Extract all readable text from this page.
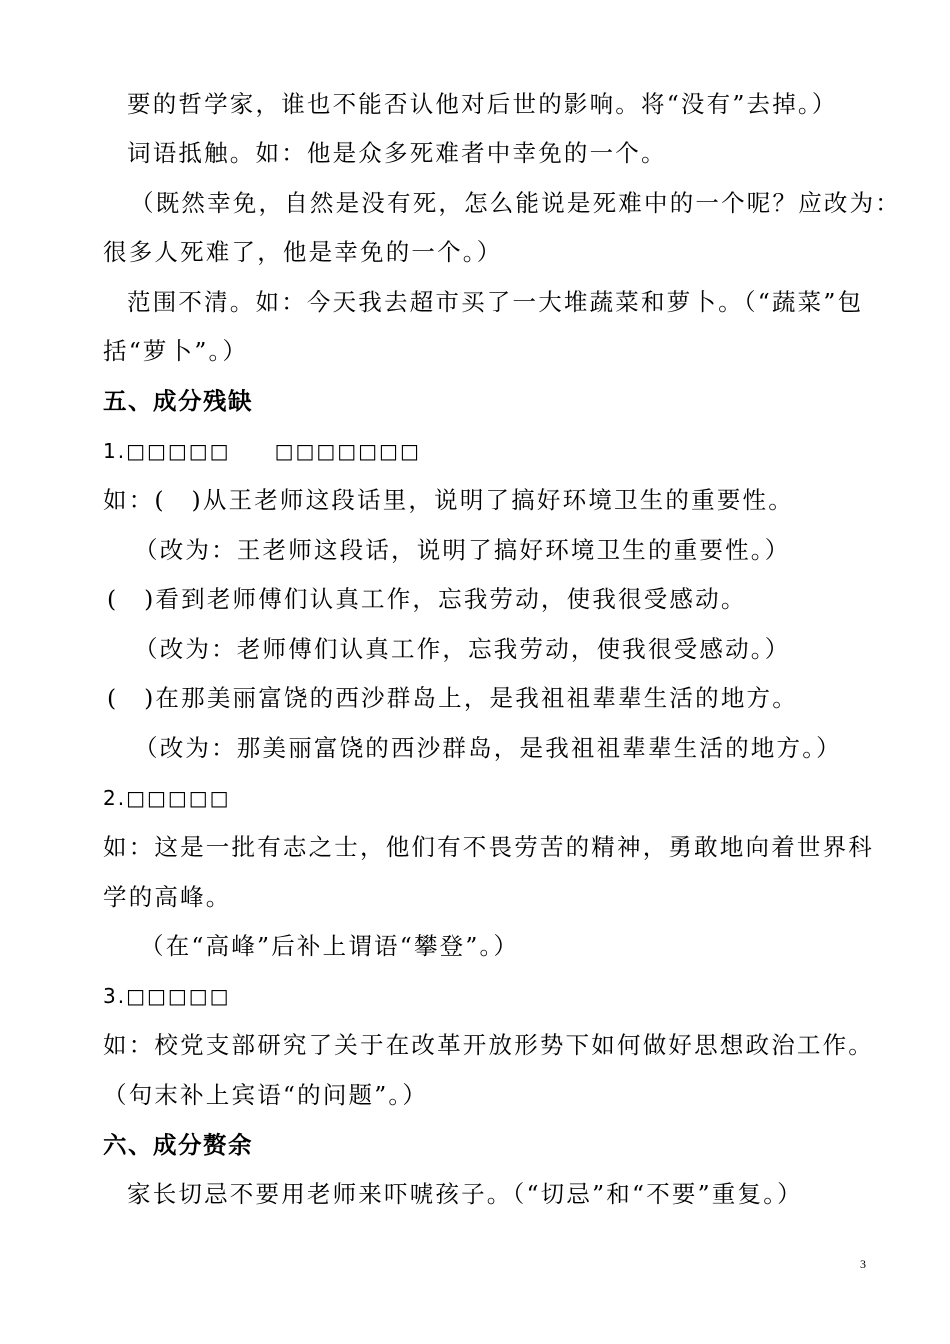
要的哲学家，谁也不能否认他对后世的影响。将“没有”去掉。）
词语抵触。如：他是众多死难者中幸免的一个。
（既然幸免，自然是没有死，怎么能说是死难中的一个呢？应改为：
很多人死难了，他是幸免的一个。）
范围不清。如：今天我去超市买了一大堆蔬菜和萝卜。（“蔬菜”包
括“萝卜”。）
五、成分残缺
1.□□□□□　　□□□□□□□
如：(　)从王老师这段话里，说明了搞好环境卫生的重要性。
（改为：王老师这段话，说明了搞好环境卫生的重要性。）
(　)看到老师傅们认真工作，忘我劳动，使我很受感动。
（改为：老师傅们认真工作，忘我劳动，使我很受感动。）
(　)在那美丽富饶的西沙群岛上，是我祖祖辈辈生活的地方。
（改为：那美丽富饶的西沙群岛，是我祖祖辈辈生活的地方。）
2.□□□□□
如：这是一批有志之士，他们有不畏劳苦的精神，勇敢地向着世界科
学的高峰。
（在“高峰”后补上谓语“攀登”。）
3.□□□□□
如：校党支部研究了关于在改革开放形势下如何做好思想政治工作。
（句末补上宾语“的问题”。）
六、成分赘余
家长切忌不要用老师来吓唬孩子。（“切忌”和“不要”重复。）
3
